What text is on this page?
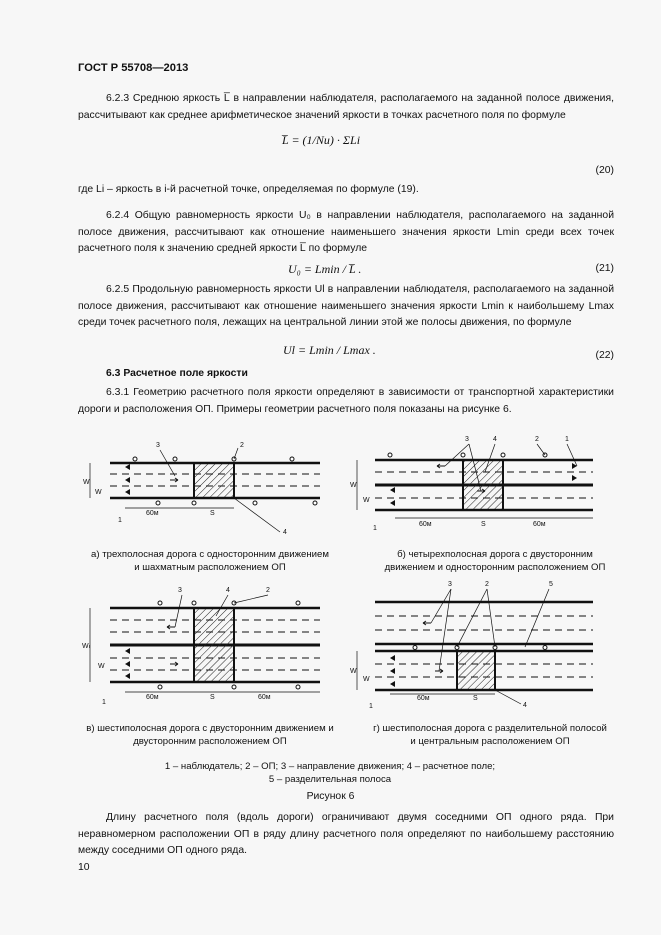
ГОСТ Р 55708—2013
6.2.3 Среднюю яркость L̅ в направлении наблюдателя, располагаемого на заданной полосе движения, рассчитывают как среднее арифметическое значений яркости в точках расчетного поля по формуле
L̅ = (1/Nu) · ΣLi
(20)
где Li – яркость в i-й расчетной точке, определяемая по формуле (19).
6.2.4 Общую равномерность яркости U₀ в направлении наблюдателя, располагаемого на заданной полосе движения, рассчитывают как отношение наименьшего значения яркости Lmin среди всех точек расчетного поля к значению средней яркости L̅ по формуле
U₀ = Lmin / L̅ .	(21)
6.2.5 Продольную равномерность яркости Ul в направлении наблюдателя, располагаемого на заданной полосе движения, рассчитывают как отношение наименьшего значения яркости Lmin к наибольшему Lmax среди точек расчетного поля, лежащих на центральной линии этой же полосы движения, по формуле
Ul = Lmin / Lmax .	(22)
6.3 Расчетное поле яркости
6.3.1 Геометрию расчетного поля яркости определяют в зависимости от транспортной характеристики дороги и расположения ОП. Примеры геометрии расчетного поля показаны на рисунке 6.
3	2
1
4
W
W
60м	S
а) трехполосная дорога с односторонним движением и шахматным расположением ОП
3	4	2	1
1
W
W
60м	S	60м
б) четырехполосная дорога с двусторонним движением и односторонним расположением ОП
3	4	2
1
Wₗ
W
60м	S	60м
в) шестиполосная дорога с двусторонним движением и двусторонним расположением ОП
3	2	5
1
W
W
60м	S
4
г) шестиполосная дорога с разделительной полосой и центральным расположением ОП
1 – наблюдатель; 2 – ОП; 3 – направление движения; 4 – расчетное поле;
5 – разделительная полоса
Рисунок 6
Длину расчетного поля (вдоль дороги) ограничивают двумя соседними ОП одного ряда. При неравномерном расположении ОП в ряду длину расчетного поля определяют по наибольшему расстоянию между соседними ОП одного ряда.
10
